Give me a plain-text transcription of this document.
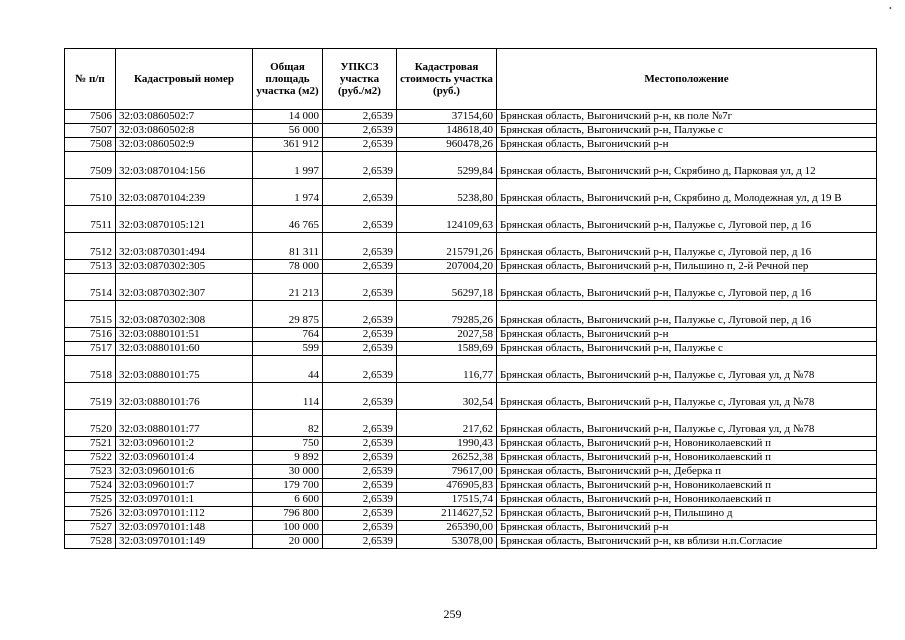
•
№ п/п	Кадастровый номер	Общая площадь участка (м2)	УПКСЗ участка (руб./м2)	Кадастровая стоимость участка (руб.)	Местоположение
7506	32:03:0860502:7	14 000	2,6539	37154,60	Брянская область, Выгоничский р-н, кв поле №7г
7507	32:03:0860502:8	56 000	2,6539	148618,40	Брянская область, Выгоничский р-н, Палужье с
7508	32:03:0860502:9	361 912	2,6539	960478,26	Брянская область, Выгоничский р-н
7509	32:03:0870104:156	1 997	2,6539	5299,84	Брянская область, Выгоничский р-н, Скрябино д, Парковая ул, д 12
7510	32:03:0870104:239	1 974	2,6539	5238,80	Брянская область, Выгоничский р-н, Скрябино д, Молодежная ул, д 19 В
7511	32:03:0870105:121	46 765	2,6539	124109,63	Брянская область, Выгоничский р-н, Палужье с, Луговой пер, д 16
7512	32:03:0870301:494	81 311	2,6539	215791,26	Брянская область, Выгоничский р-н, Палужье с, Луговой пер, д 16
7513	32:03:0870302:305	78 000	2,6539	207004,20	Брянская область, Выгоничский р-н, Пильшино п, 2-й Речной пер
7514	32:03:0870302:307	21 213	2,6539	56297,18	Брянская область, Выгоничский р-н, Палужье с, Луговой пер, д 16
7515	32:03:0870302:308	29 875	2,6539	79285,26	Брянская область, Выгоничский р-н, Палужье с, Луговой пер, д 16
7516	32:03:0880101:51	764	2,6539	2027,58	Брянская область, Выгоничский р-н
7517	32:03:0880101:60	599	2,6539	1589,69	Брянская область, Выгоничский р-н, Палужье с
7518	32:03:0880101:75	44	2,6539	116,77	Брянская область, Выгоничский р-н, Палужье с, Луговая ул, д №78
7519	32:03:0880101:76	114	2,6539	302,54	Брянская область, Выгоничский р-н, Палужье с, Луговая ул, д №78
7520	32:03:0880101:77	82	2,6539	217,62	Брянская область, Выгоничский р-н, Палужье с, Луговая ул, д №78
7521	32:03:0960101:2	750	2,6539	1990,43	Брянская область, Выгоничский р-н, Новониколаевский п
7522	32:03:0960101:4	9 892	2,6539	26252,38	Брянская область, Выгоничский р-н, Новониколаевский п
7523	32:03:0960101:6	30 000	2,6539	79617,00	Брянская область, Выгоничский р-н, Деберка п
7524	32:03:0960101:7	179 700	2,6539	476905,83	Брянская область, Выгоничский р-н, Новониколаевский п
7525	32:03:0970101:1	6 600	2,6539	17515,74	Брянская область, Выгоничский р-н, Новониколаевский п
7526	32:03:0970101:112	796 800	2,6539	2114627,52	Брянская область, Выгоничский р-н, Пильшино д
7527	32:03:0970101:148	100 000	2,6539	265390,00	Брянская область, Выгоничский р-н
7528	32:03:0970101:149	20 000	2,6539	53078,00	Брянская область, Выгоничский р-н, кв вблизи н.п.Согласие
259
